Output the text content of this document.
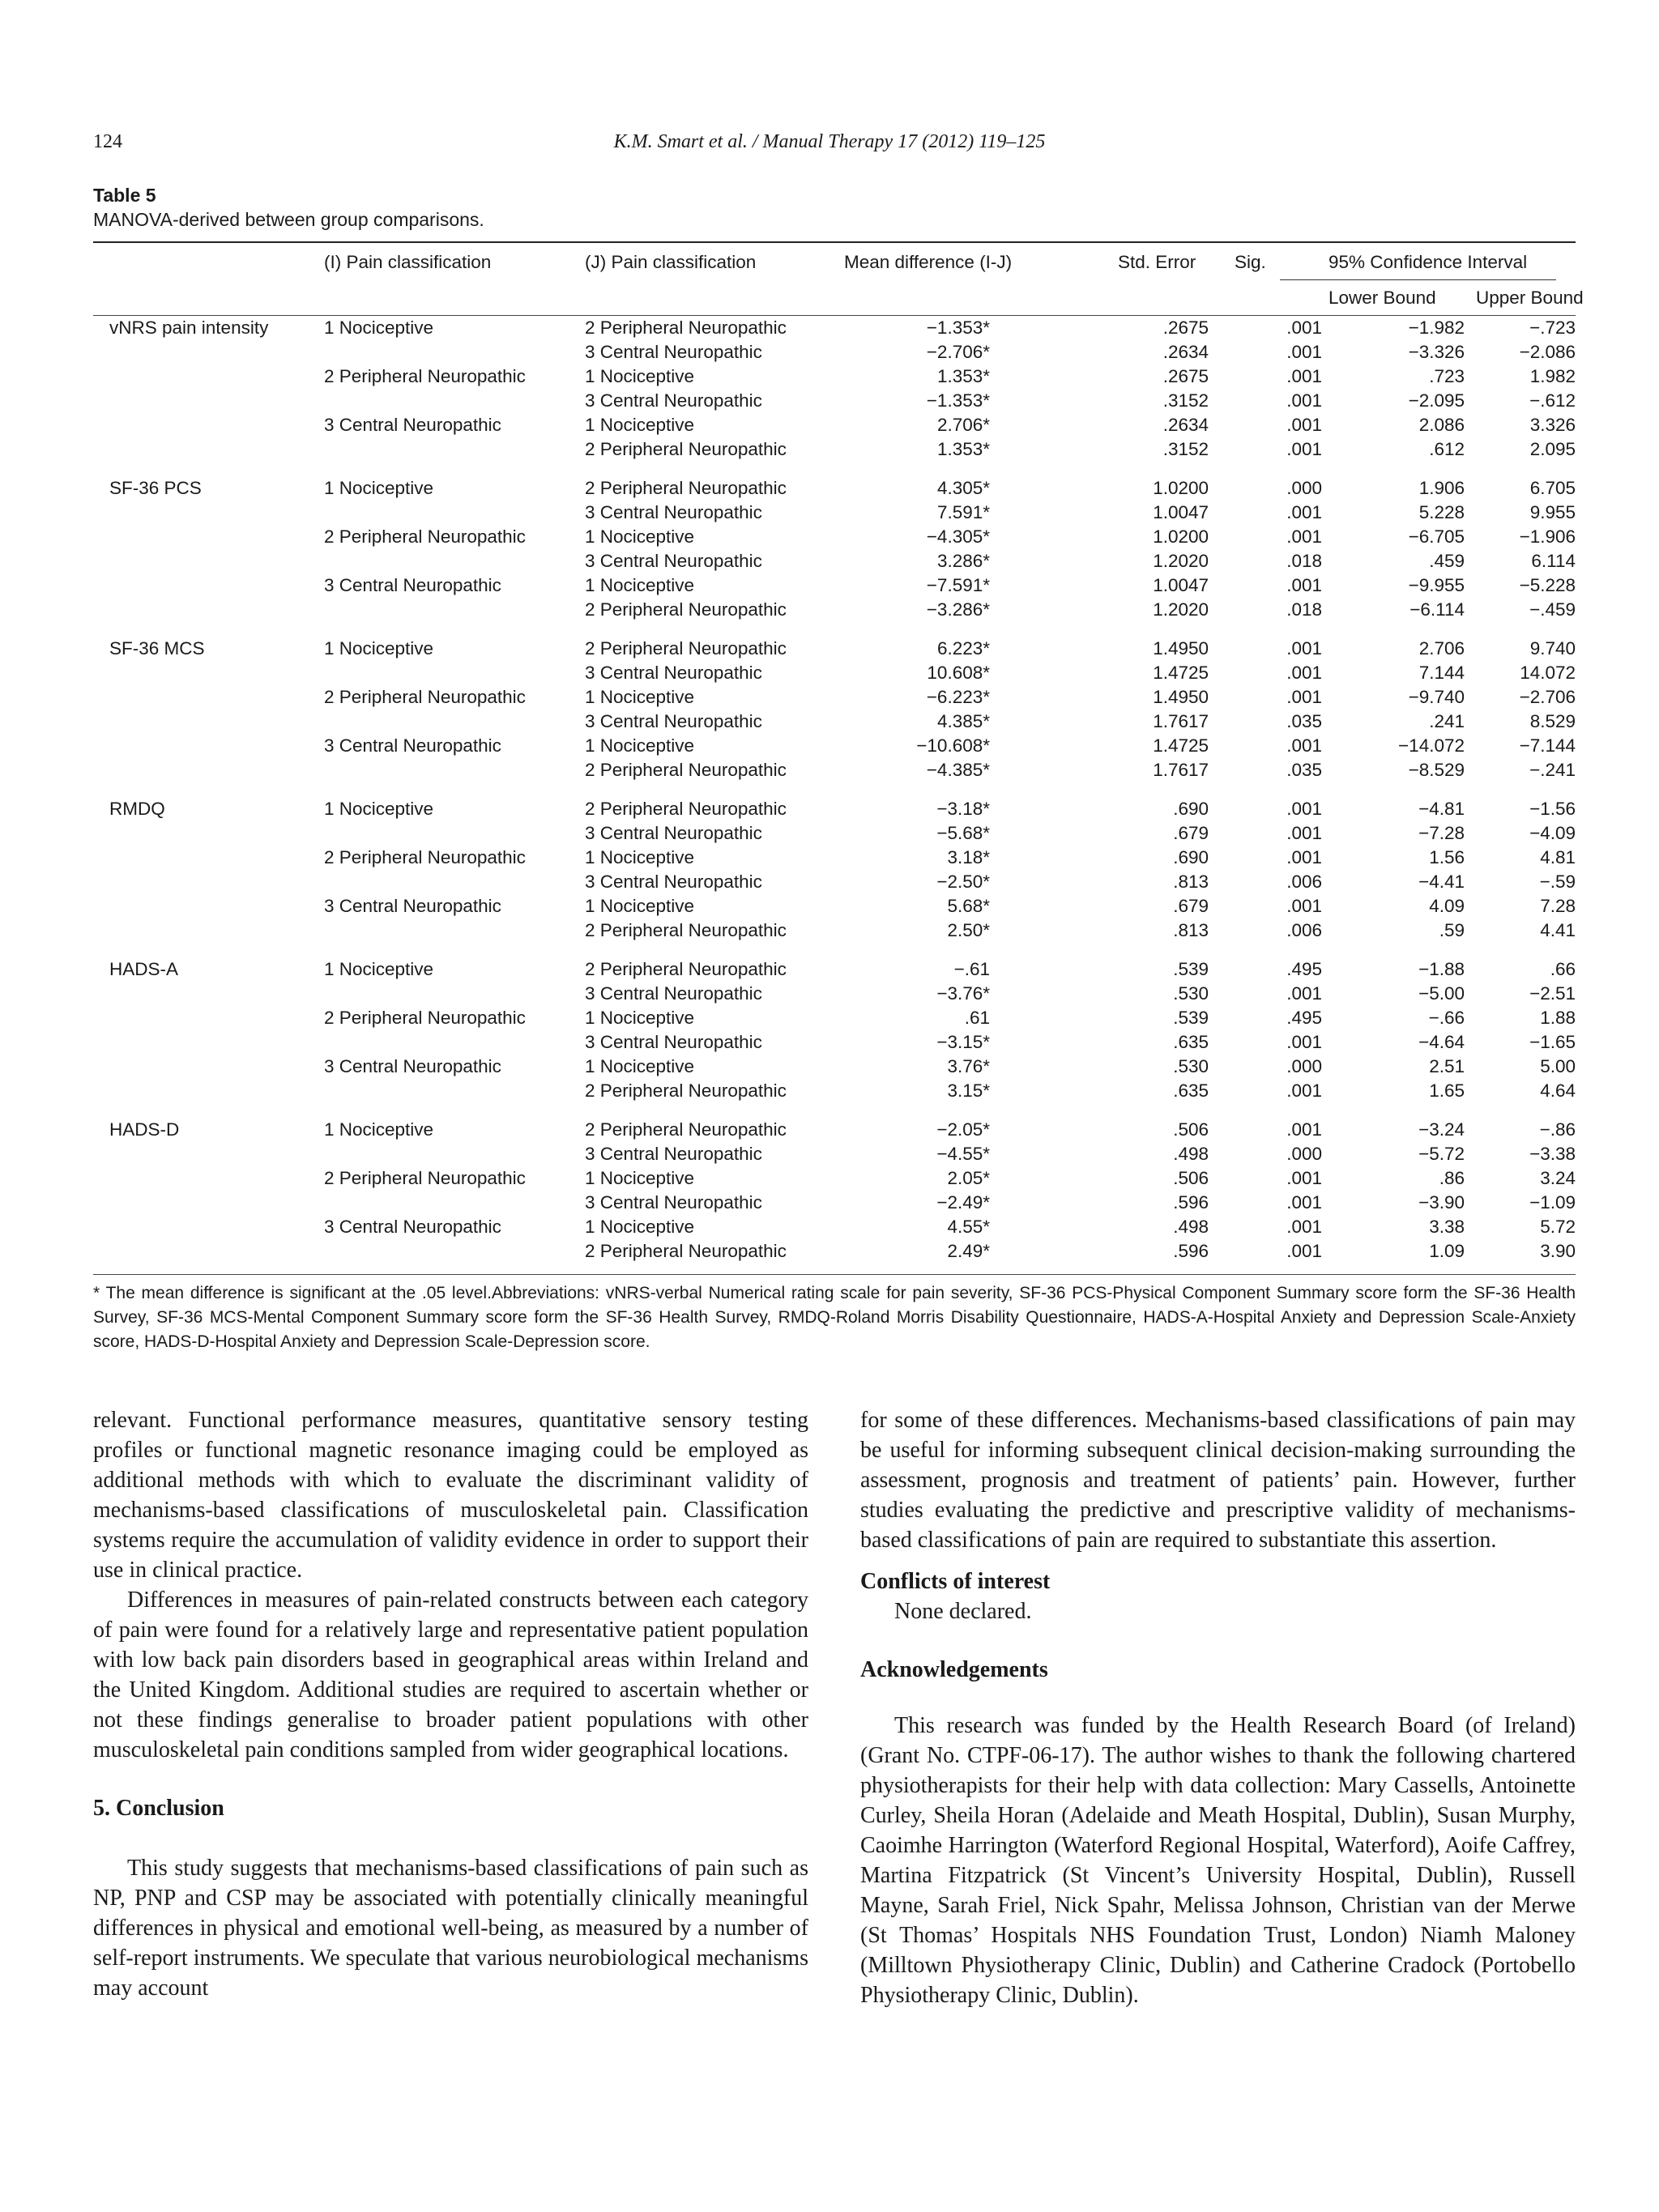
124	K.M. Smart et al. / Manual Therapy 17 (2012) 119–125
Table 5
MANOVA-derived between group comparisons.
	(I) Pain classification	(J) Pain classification	Mean difference (I-J)		Std. Error	Sig.	95% Confidence Interval	
							Lower Bound	Upper Bound
vNRS pain intensity	1 Nociceptive	2 Peripheral Neuropathic	−1.353*		.2675	.001	−1.982	−.723
		3 Central Neuropathic	−2.706*		.2634	.001	−3.326	−2.086
	2 Peripheral Neuropathic	1 Nociceptive	1.353*		.2675	.001	.723	1.982
		3 Central Neuropathic	−1.353*		.3152	.001	−2.095	−.612
	3 Central Neuropathic	1 Nociceptive	2.706*		.2634	.001	2.086	3.326
		2 Peripheral Neuropathic	1.353*		.3152	.001	.612	2.095

SF-36 PCS	1 Nociceptive	2 Peripheral Neuropathic	4.305*		1.0200	.000	1.906	6.705
		3 Central Neuropathic	7.591*		1.0047	.001	5.228	9.955
	2 Peripheral Neuropathic	1 Nociceptive	−4.305*		1.0200	.001	−6.705	−1.906
		3 Central Neuropathic	3.286*		1.2020	.018	.459	6.114
	3 Central Neuropathic	1 Nociceptive	−7.591*		1.0047	.001	−9.955	−5.228
		2 Peripheral Neuropathic	−3.286*		1.2020	.018	−6.114	−.459

SF-36 MCS	1 Nociceptive	2 Peripheral Neuropathic	6.223*		1.4950	.001	2.706	9.740
		3 Central Neuropathic	10.608*		1.4725	.001	7.144	14.072
	2 Peripheral Neuropathic	1 Nociceptive	−6.223*		1.4950	.001	−9.740	−2.706
		3 Central Neuropathic	4.385*		1.7617	.035	.241	8.529
	3 Central Neuropathic	1 Nociceptive	−10.608*		1.4725	.001	−14.072	−7.144
		2 Peripheral Neuropathic	−4.385*		1.7617	.035	−8.529	−.241

RMDQ	1 Nociceptive	2 Peripheral Neuropathic	−3.18*		.690	.001	−4.81	−1.56
		3 Central Neuropathic	−5.68*		.679	.001	−7.28	−4.09
	2 Peripheral Neuropathic	1 Nociceptive	3.18*		.690	.001	1.56	4.81
		3 Central Neuropathic	−2.50*		.813	.006	−4.41	−.59
	3 Central Neuropathic	1 Nociceptive	5.68*		.679	.001	4.09	7.28
		2 Peripheral Neuropathic	2.50*		.813	.006	.59	4.41

HADS-A	1 Nociceptive	2 Peripheral Neuropathic	−.61		.539	.495	−1.88	.66
		3 Central Neuropathic	−3.76*		.530	.001	−5.00	−2.51
	2 Peripheral Neuropathic	1 Nociceptive	.61		.539	.495	−.66	1.88
		3 Central Neuropathic	−3.15*		.635	.001	−4.64	−1.65
	3 Central Neuropathic	1 Nociceptive	3.76*		.530	.000	2.51	5.00
		2 Peripheral Neuropathic	3.15*		.635	.001	1.65	4.64

HADS-D	1 Nociceptive	2 Peripheral Neuropathic	−2.05*		.506	.001	−3.24	−.86
		3 Central Neuropathic	−4.55*		.498	.000	−5.72	−3.38
	2 Peripheral Neuropathic	1 Nociceptive	2.05*		.506	.001	.86	3.24
		3 Central Neuropathic	−2.49*		.596	.001	−3.90	−1.09
	3 Central Neuropathic	1 Nociceptive	4.55*		.498	.001	3.38	5.72
		2 Peripheral Neuropathic	2.49*		.596	.001	1.09	3.90
* The mean difference is significant at the .05 level.Abbreviations: vNRS-verbal Numerical rating scale for pain severity, SF-36 PCS-Physical Component Summary score form the SF-36 Health Survey, SF-36 MCS-Mental Component Summary score form the SF-36 Health Survey, RMDQ-Roland Morris Disability Questionnaire, HADS-A-Hospital Anxiety and Depression Scale-Anxiety score, HADS-D-Hospital Anxiety and Depression Scale-Depression score.

relevant. Functional performance measures, quantitative sensory testing profiles or functional magnetic resonance imaging could be employed as additional methods with which to evaluate the discriminant validity of mechanisms-based classifications of musculoskeletal pain. Classification systems require the accumulation of validity evidence in order to support their use in clinical practice.

Differences in measures of pain-related constructs between each category of pain were found for a relatively large and representative patient population with low back pain disorders based in geographical areas within Ireland and the United Kingdom. Additional studies are required to ascertain whether or not these findings generalise to broader patient populations with other musculoskeletal pain conditions sampled from wider geographical locations.

5. Conclusion

This study suggests that mechanisms-based classifications of pain such as NP, PNP and CSP may be associated with potentially clinically meaningful differences in physical and emotional well-being, as measured by a number of self-report instruments. We speculate that various neurobiological mechanisms may account

for some of these differences. Mechanisms-based classifications of pain may be useful for informing subsequent clinical decision-making surrounding the assessment, prognosis and treatment of patients’ pain. However, further studies evaluating the predictive and prescriptive validity of mechanisms-based classifications of pain are required to substantiate this assertion.

Conflicts of interest

None declared.

Acknowledgements

This research was funded by the Health Research Board (of Ireland) (Grant No. CTPF-06-17). The author wishes to thank the following chartered physiotherapists for their help with data collection: Mary Cassells, Antoinette Curley, Sheila Horan (Adelaide and Meath Hospital, Dublin), Susan Murphy, Caoimhe Harrington (Waterford Regional Hospital, Waterford), Aoife Caffrey, Martina Fitzpatrick (St Vincent’s University Hospital, Dublin), Russell Mayne, Sarah Friel, Nick Spahr, Melissa Johnson, Christian van der Merwe (St Thomas’ Hospitals NHS Foundation Trust, London) Niamh Maloney (Milltown Physiotherapy Clinic, Dublin) and Catherine Cradock (Portobello Physiotherapy Clinic, Dublin).
